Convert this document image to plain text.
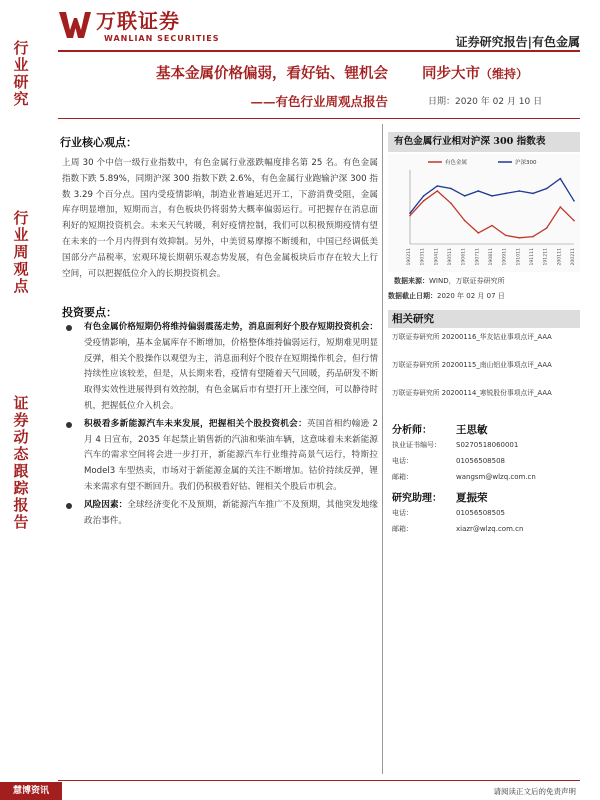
万联证券
WANLIAN SECURITIES	证券研究报告|有色金属
行业研究
行业周观点
证券动态跟踪报告
基本金属价格偏弱，看好钴、锂机会
——有色行业周观点报告
同步大市（维持）
日期：2020 年 02 月 10 日
行业核心观点：
上周 30 个中信一级行业指数中，有色金属行业涨跌幅度排名第 25 名。有色金属指数下跌 5.89%，同期沪深 300 指数下跌 2.6%，有色金属行业跑输沪深 300 指数 3.29 个百分点。国内受疫情影响，制造业普遍延迟开工，下游消费受阻，金属库存明显增加，短期而言，有色板块仍将弱势大概率偏弱运行。可把握存在消息面利好的短期投资机会。未来天气转暖，利好疫情控制，我们可以积极预期疫情有望在未来的一个月内得到有效抑制。另外，中美贸易摩擦不断缓和，中国已经调低美国部分产品税率，宏观环境长期朝乐观态势发展，有色金属板块后市存在较大上行空间，可以把握低位介入的长期投资机会。
投资要点：
有色金属价格短期仍将维持偏弱震荡走势，消息面利好个股存短期投资机会：受疫情影响，基本金属库存不断增加，价格整体维持偏弱运行，短期难见明显反弹，相关个股操作以观望为主，消息面利好个股存在短期操作机会，但行情持续性应该较差，但是，从长期来看，疫情有望随着天气回暖，药品研发不断取得实效性进展得到有效控制，有色金属后市有望打开上涨空间，可以静待时机，把握低位介入机会。
积极看多新能源汽车未来发展，把握相关个股投资机会：英国首相约翰逊 2 月 4 日宣布，2035 年起禁止销售新的汽油和柴油车辆，这意味着未来新能源汽车的需求空间将会进一步打开，新能源汽车行业维持高景气运行，特斯拉 Model3 车型热卖，市场对于新能源金属的关注不断增加。钴价持续反弹，锂未来需求有望不断回升。我们仍积极看好钴、锂相关个股后市机会。
风险因素：全球经济变化不及预期，新能源汽车推广不及预期，其他突发地缘政治事件。
有色金属行业相对沪深 300 指数表
190211 190311 190411 190511 190611 190711 190811 190911 191011 191111 191211 200111 200211
有色金属	沪深300
数据来源：WIND，万联证券研究所
数据截止日期：2020 年 02 月 07 日
相关研究
万联证券研究所 20200116_华友钴业事项点评_AAA
万联证券研究所 20200115_南山铝业事项点评_AAA
万联证券研究所 20200114_寒锐股份事项点评_AAA
分析师： 王思敏
执业证书编号：	S0270518060001
电话：	01056508508
邮箱：	wangsm@wlzq.com.cn
研究助理： 夏振荣
电话：	01056508505
邮箱：	xiazr@wlzq.com.cn
慧博资讯	请阅读正文后的免责声明
